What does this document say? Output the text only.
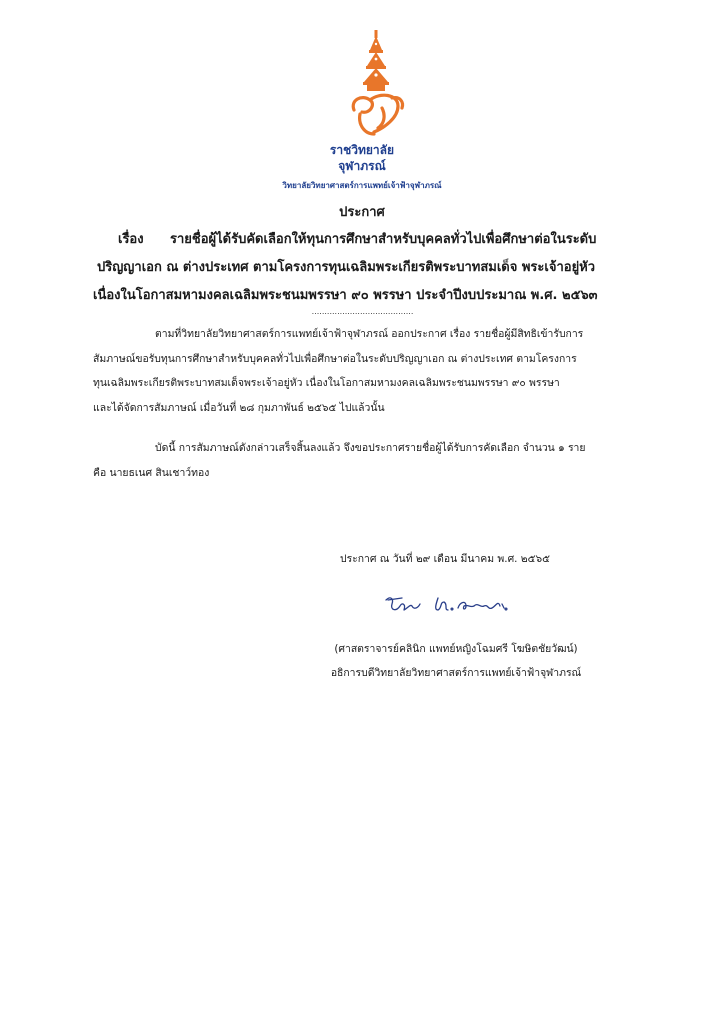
ราชวิทยาลัย
จุฬาภรณ์
วิทยาลัยวิทยาศาสตร์การแพทย์เจ้าฟ้าจุฬาภรณ์
ประกาศ
เรื่อง รายชื่อผู้ได้รับคัดเลือกให้ทุนการศึกษาสำหรับบุคคลทั่วไปเพื่อศึกษาต่อในระดับ
ปริญญาเอก ณ ต่างประเทศ ตามโครงการทุนเฉลิมพระเกียรติพระบาทสมเด็จ พระเจ้าอยู่หัว
เนื่องในโอกาสมหามงคลเฉลิมพระชนมพรรษา ๙๐ พรรษา ประจำปีงบประมาณ พ.ศ. ๒๕๖๓
........................................
ตามที่วิทยาลัยวิทยาศาสตร์การแพทย์เจ้าฟ้าจุฬาภรณ์ ออกประกาศ เรื่อง รายชื่อผู้มีสิทธิเข้ารับการ
สัมภาษณ์ขอรับทุนการศึกษาสำหรับบุคคลทั่วไปเพื่อศึกษาต่อในระดับปริญญาเอก ณ ต่างประเทศ ตามโครงการ
ทุนเฉลิมพระเกียรติพระบาทสมเด็จพระเจ้าอยู่หัว เนื่องในโอกาสมหามงคลเฉลิมพระชนมพรรษา ๙๐ พรรษา
และได้จัดการสัมภาษณ์ เมื่อวันที่ ๒๘ กุมภาพันธ์ ๒๕๖๕ ไปแล้วนั้น
บัดนี้ การสัมภาษณ์ดังกล่าวเสร็จสิ้นลงแล้ว จึงขอประกาศรายชื่อผู้ได้รับการคัดเลือก จำนวน ๑ ราย
คือ นายธเนศ สินเชาว์ทอง
ประกาศ ณ วันที่ ๒๙ เดือน มีนาคม พ.ศ. ๒๕๖๕
(ศาสตราจารย์คลินิก แพทย์หญิงโฉมศรี โฆษิตชัยวัฒน์)
อธิการบดีวิทยาลัยวิทยาศาสตร์การแพทย์เจ้าฟ้าจุฬาภรณ์
